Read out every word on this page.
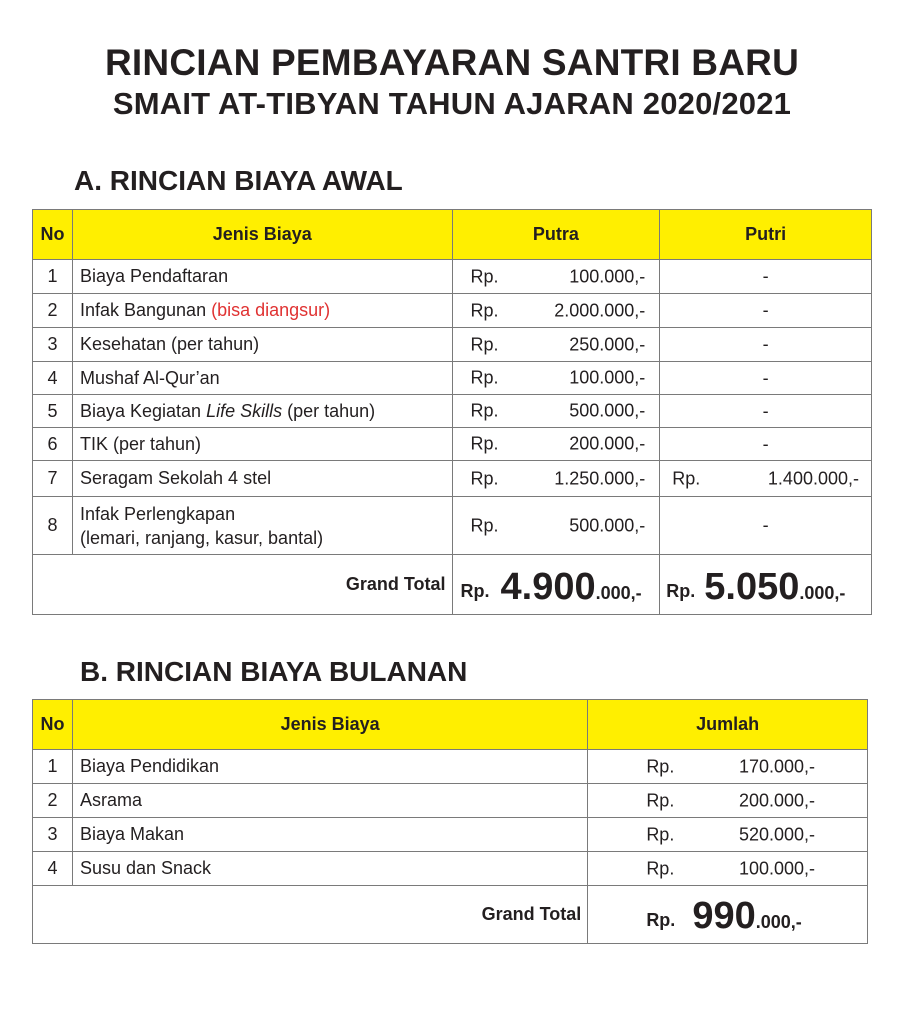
RINCIAN PEMBAYARAN SANTRI BARU
SMAIT AT-TIBYAN TAHUN AJARAN 2020/2021
A. RINCIAN BIAYA AWAL
No	Jenis Biaya	Putra	Putri
1	Biaya Pendaftaran	Rp. 100.000,-	-
2	Infak Bangunan (bisa diangsur)	Rp. 2.000.000,-	-
3	Kesehatan (per tahun)	Rp. 250.000,-	-
4	Mushaf Al-Qur’an	Rp. 100.000,-	-
5	Biaya Kegiatan Life Skills (per tahun)	Rp. 500.000,-	-
6	TIK (per tahun)	Rp. 200.000,-	-
7	Seragam Sekolah 4 stel	Rp. 1.250.000,-	Rp. 1.400.000,-

8	Infak Perlengkapan
(lemari, ranjang, kasur, bantal)	Rp. 500.000,-	-
Grand Total		Rp. 4.900.000,-	Rp. 5.050.000,-
B. RINCIAN BIAYA BULANAN
No	Jenis Biaya	Jumlah
1	Biaya Pendidikan	Rp. 170.000,-

2	Asrama	Rp. 200.000,-

3	Biaya Makan	Rp. 520.000,-

4	Susu dan Snack	Rp. 100.000,-

Grand Total		Rp. 990.000,-
